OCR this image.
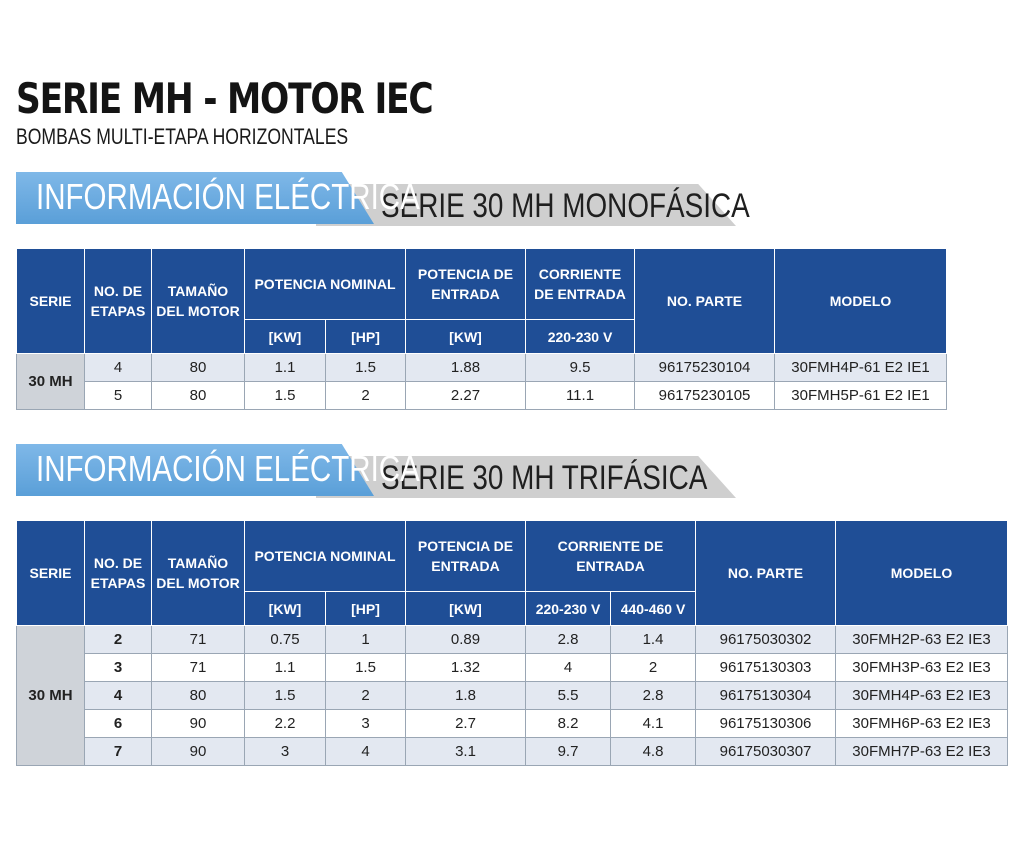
SERIE MH - MOTOR IEC
BOMBAS MULTI-ETAPA HORIZONTALES
SERIE 30 MH MONOFÁSICA
INFORMACIÓN ELÉCTRICA
SERIE	NO. DE ETAPAS	TAMAÑO DEL MOTOR	POTENCIA NOMINAL		POTENCIA DE ENTRADA	CORRIENTE DE ENTRADA	NO. PARTE	MODELO
			[KW]	[HP]	[KW]	220-230 V		
30 MH	4	80	1.1	1.5	1.88	9.5	96175230104	30FMH4P-61 E2 IE1
	5	80	1.5	2	2.27	11.1	96175230105	30FMH5P-61 E2 IE1
SERIE 30 MH TRIFÁSICA
INFORMACIÓN ELÉCTRICA
SERIE	NO. DE ETAPAS	TAMAÑO DEL MOTOR	POTENCIA NOMINAL		POTENCIA DE ENTRADA	CORRIENTE DE ENTRADA		NO. PARTE	MODELO
			[KW]	[HP]	[KW]	220-230 V	440-460 V		
30 MH	2	71	0.75	1	0.89	2.8	1.4	96175030302	30FMH2P-63 E2 IE3
	3	71	1.1	1.5	1.32	4	2	96175130303	30FMH3P-63 E2 IE3
	4	80	1.5	2	1.8	5.5	2.8	96175130304	30FMH4P-63 E2 IE3
	6	90	2.2	3	2.7	8.2	4.1	96175130306	30FMH6P-63 E2 IE3
	7	90	3	4	3.1	9.7	4.8	96175030307	30FMH7P-63 E2 IE3
